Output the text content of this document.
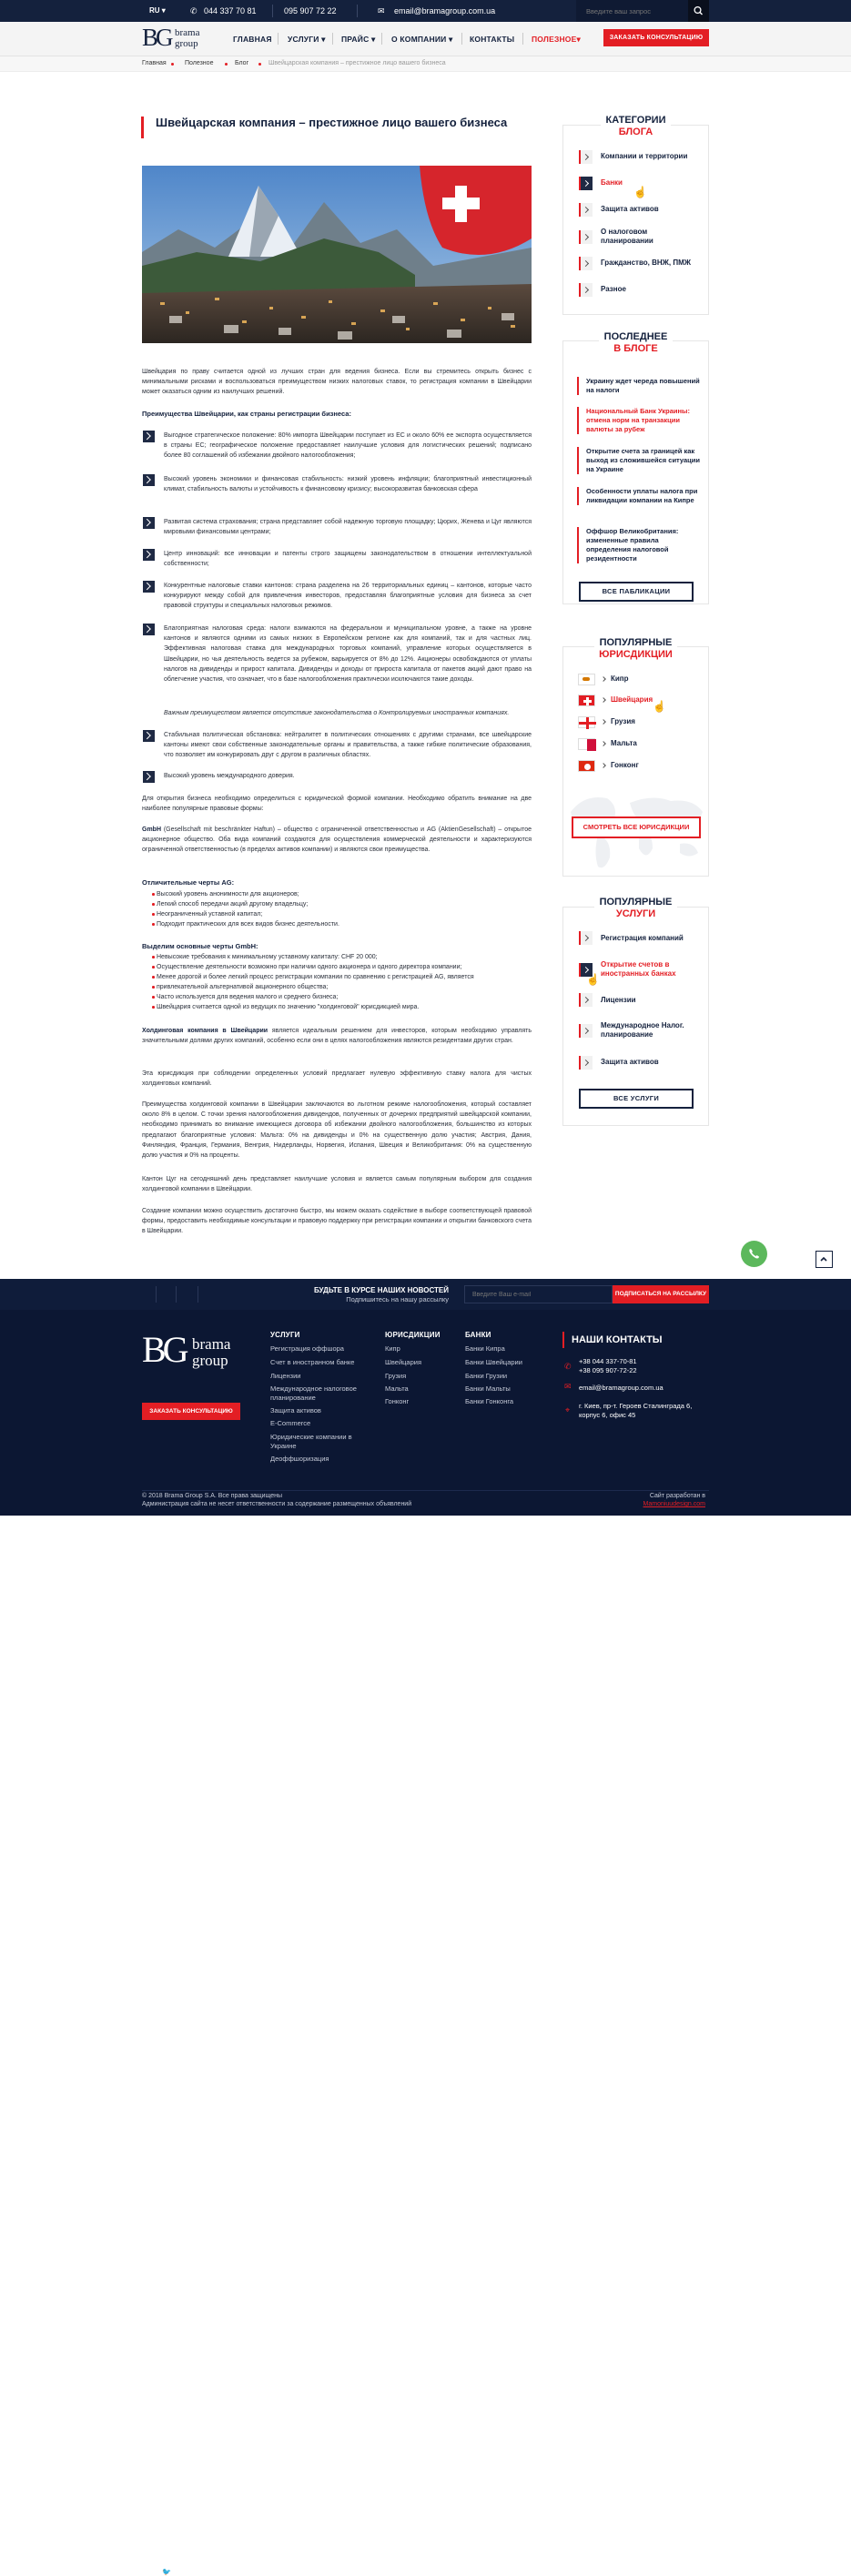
RU ▾	✆ 044 337 70 81	095 907 72 22	✉ email@bramagroup.com.ua
Введите ваш запрос
BG brama
group	ГЛАВНАЯ УСЛУГИ ▾ ПРАЙС ▾ О КОМПАНИИ ▾ КОНТАКТЫ ПОЛЕЗНОЕ▾	ЗАКАЗАТЬ КОНСУЛЬТАЦИЮ
Главная	Полезное	Блог	Швейцарская компания – престижное лицо вашего бизнеса
Швейцарская компания – престижное лицо вашего бизнеса

Швейцария по праву считается одной из лучших стран для ведения бизнеса. Если вы стремитесь открыть бизнес с минимальными рисками и воспользоваться преимуществом низких налоговых ставок, то регистрация компании в Швейцарии может оказаться одним из наилучших решений.

Преимущества Швейцарии, как страны регистрации бизнеса:

Выгодное стратегическое положение: 80% импорта Швейцарии поступает из ЕС и около 60% ее экспорта осуществляется в страны ЕС; географическое положение предоставляет наилучшие условия для логистических решений; подписано более 80 соглашений об избежании двойного налогообложения;

Высокий уровень экономики и финансовая стабильность: низкий уровень инфляции; благоприятный инвестиционный климат, стабильность валюты и устойчивость к финансовому кризису; высокоразвитая банковская сфера

Развитая система страхования; страна представляет собой надежную торговую площадку; Цюрих, Женева и Цуг являются мировыми финансовыми центрами;

Центр инноваций: все инновации и патенты строго защищены законодательством в отношении интеллектуальной собственности;

Конкурентные налоговые ставки кантонов: страна разделена на 26 территориальных единиц – кантонов, которые часто конкурируют между собой для привлечения инвесторов, предоставляя благоприятные условия для бизнеса за счет правовой структуры и специальных налоговых режимов.

Благоприятная налоговая среда: налоги взимаются на федеральном и муниципальном уровне, а также на уровне кантонов и являются одними из самых низких в Европейском регионе как для компаний, так и для частных лиц. Эффективная налоговая ставка для международных торговых компаний, управление которых осуществляется в Швейцарии, но чья деятельность ведется за рубежом, варьируется от 8% до 12%. Акционеры освобождаются от уплаты налогов на дивиденды и прирост капитала. Дивиденды и доходы от прироста капитала от пакетов акций дают право на облегчение участия, что означает, что в базе налогообложения практически исключаются такие доходы.

Важным преимуществом является отсутствие законодательства о Контролируемых иностранных компаниях.

Стабильная политическая обстановка: нейтралитет в политических отношениях с другими странами, все швейцарские кантоны имеют свои собственные законодательные органы и правительства, а также гибкие политические образования, что позволяет им конкурировать друг с другом в различных областях.

Высокий уровень международного доверия.

Для открытия бизнеса необходимо определиться с юридической формой компании. Необходимо обратить внимание на две наиболее популярные правовые формы:

GmbH (Gesellschaft mit beschränkter Haftun) – общество с ограниченной ответственностью и AG (AktienGesellschaft) – открытое акционерное общество. Оба вида компаний создаются для осуществления коммерческой деятельности и характеризуются ограниченной ответственностью (в пределах активов компании) и являются свои преимущества.

Отличительные черты AG:
Высокий уровень анонимности для акционеров;
Легкий способ передачи акций другому владельцу;
Неограниченный уставной капитал;
Подходит практических для всех видов бизнес деятельности.
Выделим основные черты GmbH:
Невысокие требования к минимальному уставному капиталу: CHF 20 000;
Осуществление деятельности возможно при наличии одного акционера и одного директора компании;
Менее дорогой и более легкий процесс регистрации компании по сравнению с регистрацией AG, является
привлекательной альтернативой акционерного общества;
Часто используется для ведения малого и среднего бизнеса;
Швейцария считается одной из ведущих по значению "холдинговой" юрисдикцией мира.

Холдинговая компания в Швейцарии является идеальным решением для инвесторов, которым необходимо управлять значительными долями других компаний, особенно если они в целях налогообложения являются резидентами других стран.

Эта юрисдикция при соблюдении определенных условий предлагает нулевую эффективную ставку налога для чистых холдинговых компаний.

Преимущества холдинговой компании в Швейцарии заключаются во льготном режиме налогообложения, который составляет около 8% в целом. С точки зрения налогообложения дивидендов, полученных от дочерних предприятий швейцарской компании, необходимо принимать во внимание имеющиеся договора об избежании двойного налогообложения, большинство из которых предлагают благоприятные условия: Мальта: 0% на дивиденды и 0% на существенную долю участия; Австрия, Дания, Финляндия, Франция, Германия, Венгрия, Нидерланды, Норвегия, Испания, Швеция и Великобритания: 0% на существенную долю участия и 0% на проценты.

Кантон Цуг на сегодняшний день представляет наилучшие условия и является самым популярным выбором для создания холдинговой компании в Швейцарии.

Создание компании можно осуществить достаточно быстро, мы можем оказать содействие в выборе соответствующей правовой формы, предоставить необходимые консультации и правовую поддержку при регистрации компании и открытии банковского счета в Швейцарии.

КАТЕГОРИИ
БЛОГА
Компании и территории
Банки
☝
Защита активов
О налоговом планировании
Гражданство, ВНЖ, ПМЖ
Разное
ПОСЛЕДНЕЕ
В БЛОГЕ
Украину ждет череда повышений на налоги
Национальный Банк Украины: отмена норм на транзакции валюты за рубеж
Открытие счета за границей как выход из сложившейся ситуации на Украине
Особенности уплаты налога при ликвидации компании на Кипре
Оффшор Великобритания: измененные правила определения налоговой резидентности
ВСЕ ПАБЛИКАЦИИ
ПОПУЛЯРНЫЕ
ЮРИСДИКЦИИ
Кипр
Швейцария
☝
Грузия
Мальта
Гонконг
СМОТРЕТЬ ВСЕ ЮРИСДИКЦИИ
ПОПУЛЯРНЫЕ
УСЛУГИ
Регистрация компаний
Открытие счетов в иностранных банках
☝
Лицензии
Международное Налог. планирование
Защита активов
ВСЕ УСЛУГИ
f 🐦 ➤ ▶
БУДЬТЕ В КУРСЕ НАШИХ НОВОСТЕЙ
Подпишитесь на нашу рассылку
Введите Ваш e-mail
ПОДПИСАТЬСЯ НА РАССЫЛКУ
BG brama
group
ЗАКАЗАТЬ КОНСУЛЬТАЦИЮ
УСЛУГИ
Регистрация оффшора
Счет в иностранном банке
Лицензии
Международное налоговое планирование
Защита активов
E-Commerce
Юридические компании в Украине
Деоффшоризация
ЮРИСДИКЦИИ
Кипр
Швейцария
Грузия
Мальта
Гонконг
БАНКИ
Банки Кипра
Банки Швейцарии
Банки Грузии
Банки Мальты
Банки Гонконга
НАШИ КОНТАКТЫ
✆
+38 044 337-70-81
+38 095 907-72-22
✉ email@bramagroup.com.ua
⌖ г. Киев, пр-т. Героев Сталинграда 6,
корпус 6, офис 45
© 2018 Brama Group S.A. Все права защищены
Администрация сайта не несет ответственности за содержание размещенных объявлений
Сайт разработан в
Mamoniuudesign.com
